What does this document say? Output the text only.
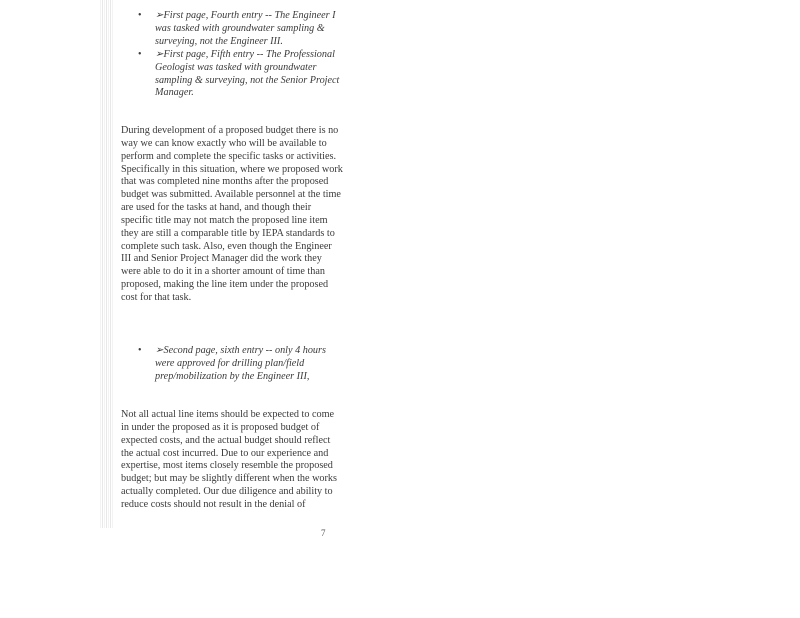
• ➢First page, Fourth entry -- The Engineer I was tasked with groundwater sampling & surveying, not the Engineer III.
• ➢First page, Fifth entry -- The Professional Geologist was tasked with groundwater sampling & surveying, not the Senior Project Manager.

During development of a proposed budget there is no way we can know exactly who will be available to perform and complete the specific tasks or activities. Specifically in this situation, where we proposed work that was completed nine months after the proposed budget was submitted. Available personnel at the time are used for the tasks at hand, and though their specific title may not match the proposed line item they are still a comparable title by IEPA standards to complete such task. Also, even though the Engineer III and Senior Project Manager did the work they were able to do it in a shorter amount of time than proposed, making the line item under the proposed cost for that task.

• ➢Second page, sixth entry -- only 4 hours were approved for drilling plan/field prep/mobilization by the Engineer III,

Not all actual line items should be expected to come in under the proposed as it is proposed budget of expected costs, and the actual budget should reflect the actual cost incurred. Due to our experience and expertise, most items closely resemble the proposed budget; but may be slightly different when the works actually completed. Our due diligence and ability to reduce costs should not result in the denial of

7
